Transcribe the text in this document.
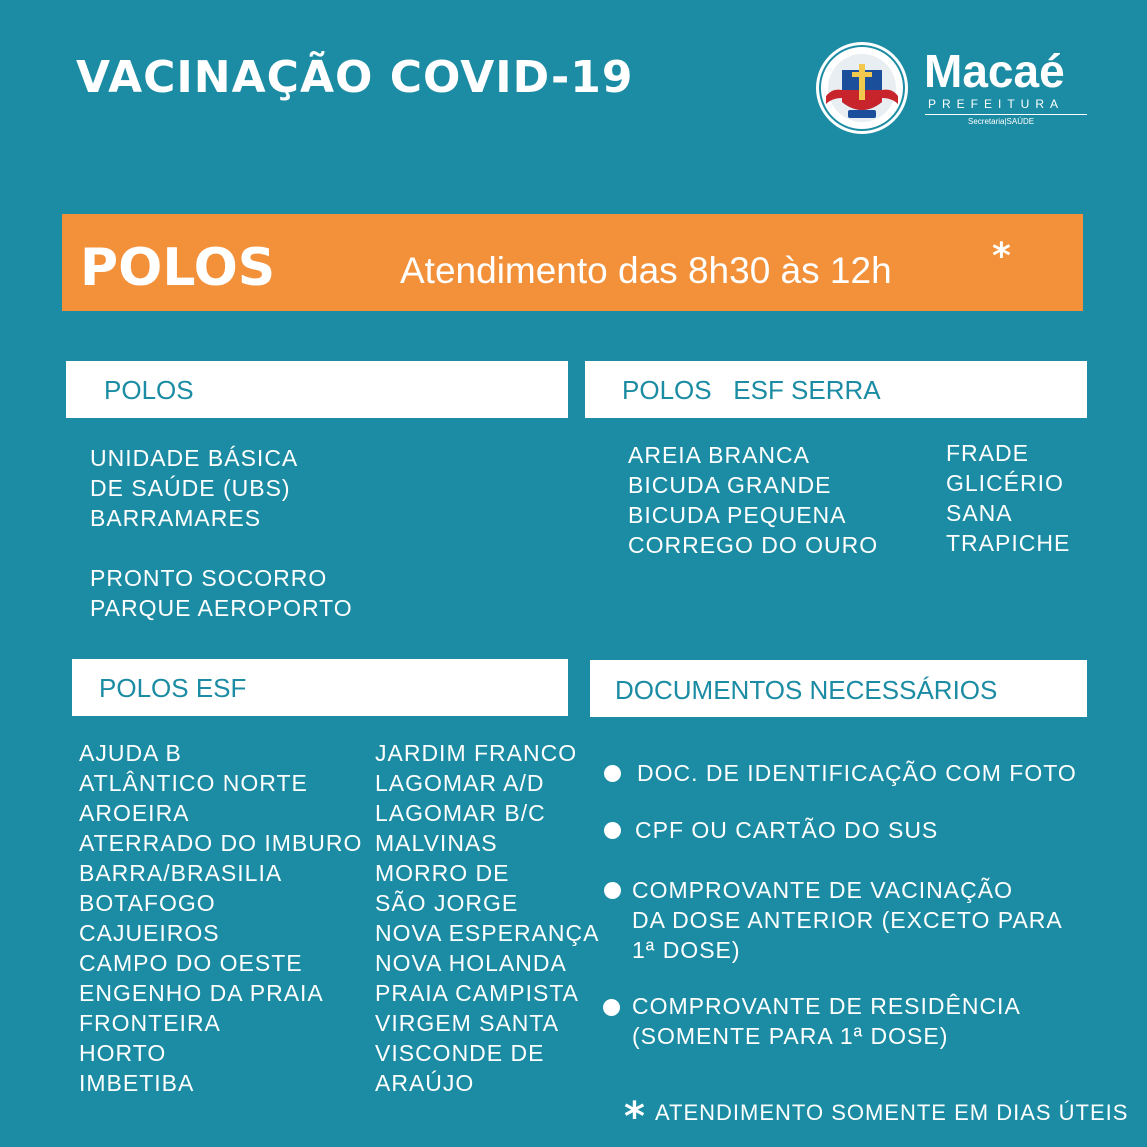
VACINAÇÃO COVID-19	Macaé
PREFEITURA
Secretaria|SAÚDE
POLOS	Atendimento das 8h30 às 12h	*
POLOS
UNIDADE BÁSICA
DE SAÚDE (UBS)
BARRAMARES
PRONTO SOCORRO
PARQUE AEROPORTO
POLOS   ESF SERRA
AREIA BRANCA
BICUDA GRANDE
BICUDA PEQUENA
CORREGO DO OURO
FRADE
GLICÉRIO
SANA
TRAPICHE
POLOS ESF
AJUDA B
ATLÂNTICO NORTE
AROEIRA
ATERRADO DO IMBURO
BARRA/BRASILIA
BOTAFOGO
CAJUEIROS
CAMPO DO OESTE
ENGENHO DA PRAIA
FRONTEIRA
HORTO
IMBETIBA
JARDIM FRANCO
LAGOMAR A/D
LAGOMAR B/C
MALVINAS
MORRO DE
SÃO JORGE
NOVA ESPERANÇA
NOVA HOLANDA
PRAIA CAMPISTA
VIRGEM SANTA
VISCONDE DE
ARAÚJO
DOCUMENTOS NECESSÁRIOS
DOC. DE IDENTIFICAÇÃO COM FOTO
CPF OU CARTÃO DO SUS
COMPROVANTE DE VACINAÇÃO
DA DOSE ANTERIOR (EXCETO PARA
1ª DOSE)
COMPROVANTE DE RESIDÊNCIA
(SOMENTE PARA 1ª DOSE)
* ATENDIMENTO SOMENTE EM DIAS ÚTEIS
